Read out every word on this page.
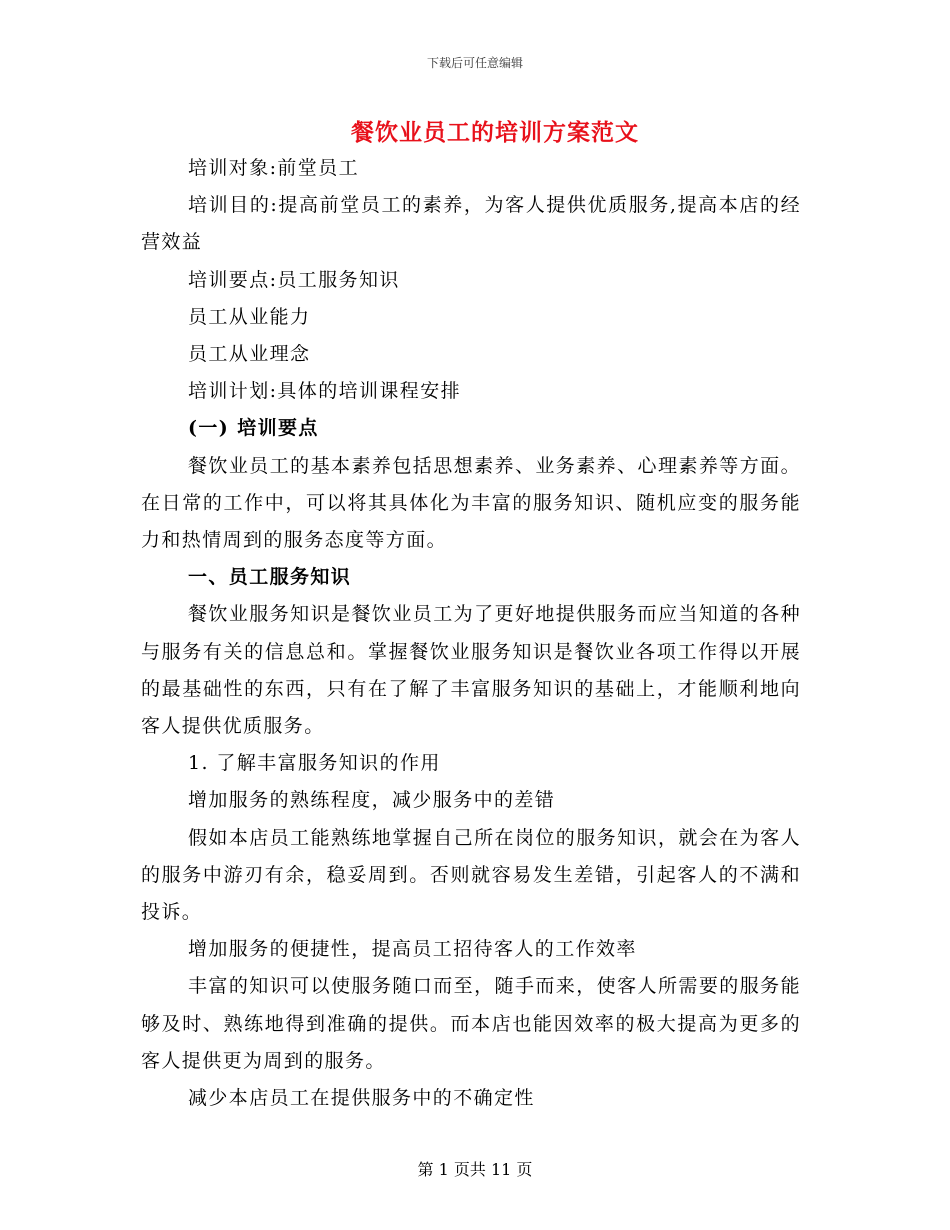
下载后可任意编辑
餐饮业员工的培训方案范文

培训对象:前堂员工

培训目的:提高前堂员工的素养，为客人提供优质服务,提高本店的经营效益

培训要点:员工服务知识

员工从业能力

员工从业理念

培训计划:具体的培训课程安排

(一) 培训要点

餐饮业员工的基本素养包括思想素养、业务素养、心理素养等方面。在日常的工作中，可以将其具体化为丰富的服务知识、随机应变的服务能力和热情周到的服务态度等方面。

一、员工服务知识

餐饮业服务知识是餐饮业员工为了更好地提供服务而应当知道的各种与服务有关的信息总和。掌握餐饮业服务知识是餐饮业各项工作得以开展的最基础性的东西，只有在了解了丰富服务知识的基础上，才能顺利地向客人提供优质服务。

1. 了解丰富服务知识的作用

增加服务的熟练程度，减少服务中的差错

假如本店员工能熟练地掌握自己所在岗位的服务知识，就会在为客人的服务中游刃有余，稳妥周到。否则就容易发生差错，引起客人的不满和投诉。

增加服务的便捷性，提高员工招待客人的工作效率

丰富的知识可以使服务随口而至，随手而来，使客人所需要的服务能够及时、熟练地得到准确的提供。而本店也能因效率的极大提高为更多的客人提供更为周到的服务。

减少本店员工在提供服务中的不确定性

第 1 页共 11 页
